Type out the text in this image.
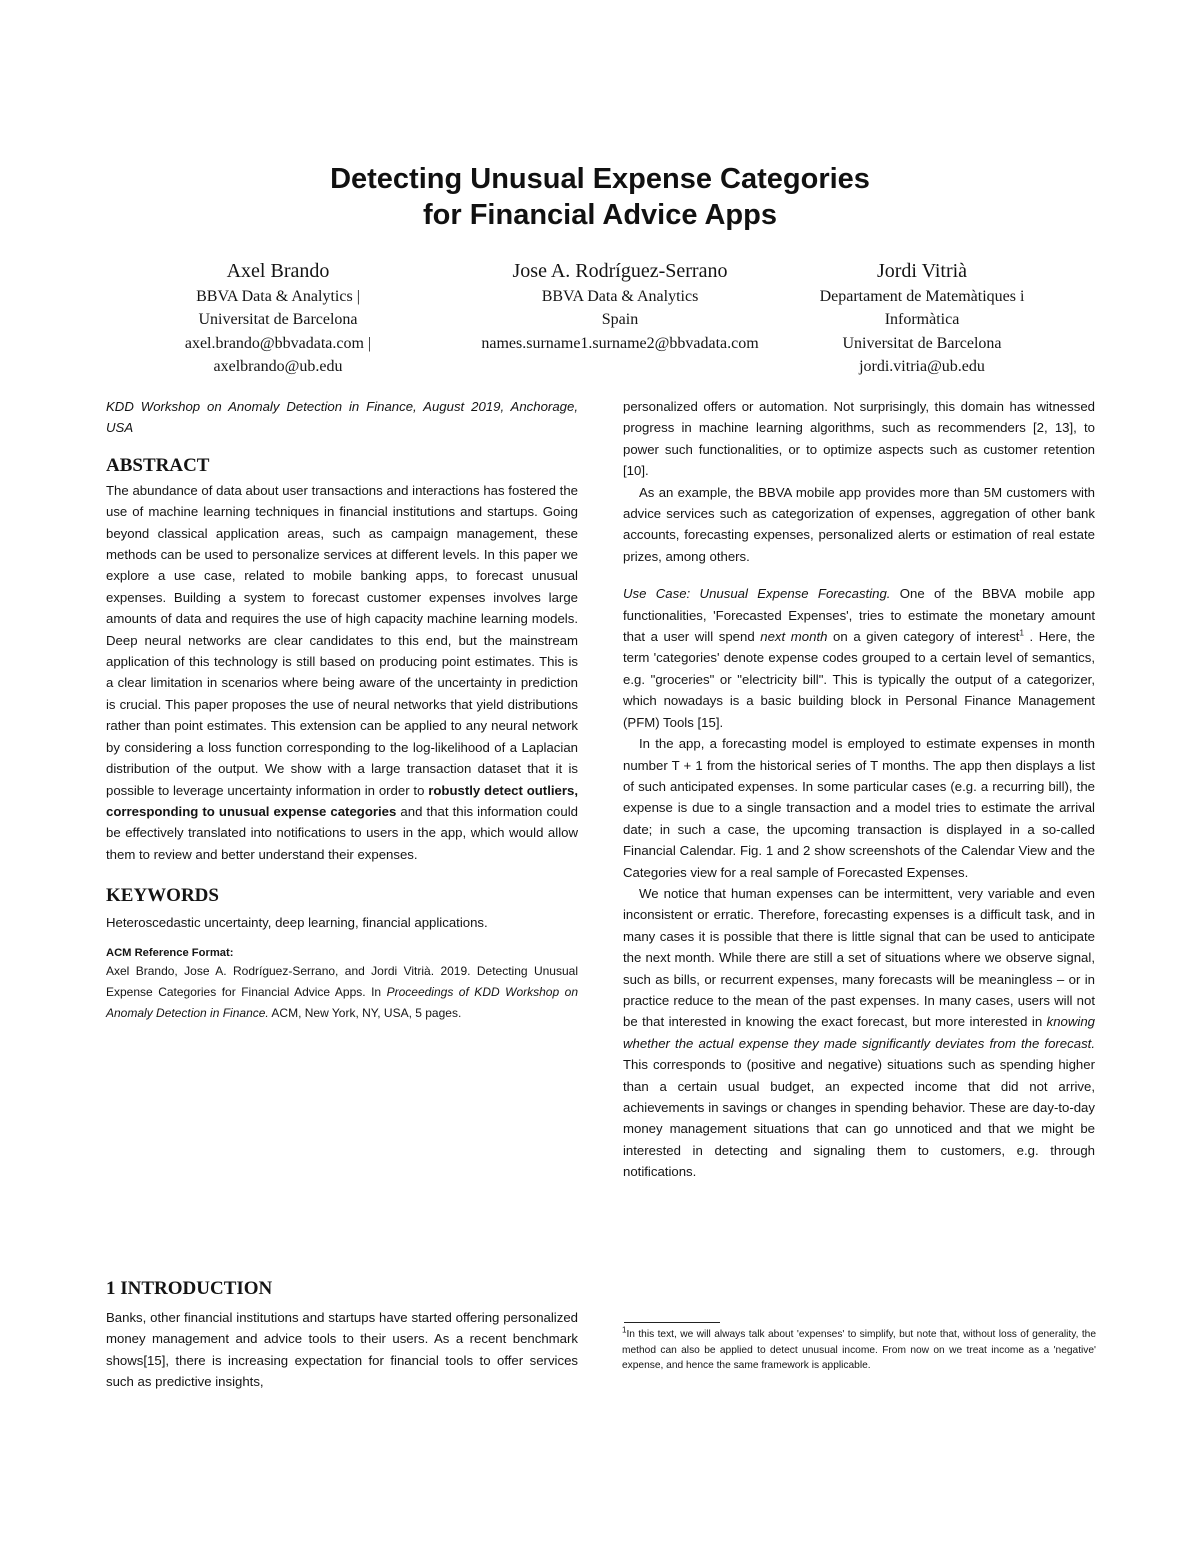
Detecting Unusual Expense Categories
for Financial Advice Apps
Axel Brando
BBVA Data & Analytics |
Universitat de Barcelona
axel.brando@bbvadata.com |
axelbrando@ub.edu
Jose A. Rodríguez-Serrano
BBVA Data & Analytics
Spain
names.surname1.surname2@bbvadata.com
Jordi Vitrià
Departament de Matemàtiques i
Informàtica
Universitat de Barcelona
jordi.vitria@ub.edu

KDD Workshop on Anomaly Detection in Finance, August 2019, Anchorage, USA

ABSTRACT

The abundance of data about user transactions and interactions has fostered the use of machine learning techniques in financial institutions and startups. Going beyond classical application areas, such as campaign management, these methods can be used to personalize services at different levels. In this paper we explore a use case, related to mobile banking apps, to forecast unusual expenses. Building a system to forecast customer expenses involves large amounts of data and requires the use of high capacity machine learning models. Deep neural networks are clear candidates to this end, but the mainstream application of this technology is still based on producing point estimates. This is a clear limitation in scenarios where being aware of the uncertainty in prediction is crucial. This paper proposes the use of neural networks that yield distributions rather than point estimates. This extension can be applied to any neural network by considering a loss function corresponding to the log-likelihood of a Laplacian distribution of the output. We show with a large transaction dataset that it is possible to leverage uncertainty information in order to robustly detect outliers, corresponding to unusual expense categories and that this information could be effectively translated into notifications to users in the app, which would allow them to review and better understand their expenses.

KEYWORDS

Heteroscedastic uncertainty, deep learning, financial applications.

ACM Reference Format:

Axel Brando, Jose A. Rodríguez-Serrano, and Jordi Vitrià. 2019. Detecting Unusual Expense Categories for Financial Advice Apps. In Proceedings of KDD Workshop on Anomaly Detection in Finance. ACM, New York, NY, USA, 5 pages.

1 INTRODUCTION

Banks, other financial institutions and startups have started offering personalized money management and advice tools to their users. As a recent benchmark shows[15], there is increasing expectation for financial tools to offer services such as predictive insights,

personalized offers or automation. Not surprisingly, this domain has witnessed progress in machine learning algorithms, such as recommenders [2, 13], to power such functionalities, or to optimize aspects such as customer retention [10].

As an example, the BBVA mobile app provides more than 5M customers with advice services such as categorization of expenses, aggregation of other bank accounts, forecasting expenses, personalized alerts or estimation of real estate prizes, among others.

Use Case: Unusual Expense Forecasting. One of the BBVA mobile app functionalities, 'Forecasted Expenses', tries to estimate the monetary amount that a user will spend next month on a given category of interest$^1$ . Here, the term 'categories' denote expense codes grouped to a certain level of semantics, e.g. "groceries" or "electricity bill". This is typically the output of a categorizer, which nowadays is a basic building block in Personal Finance Management (PFM) Tools [15].

In the app, a forecasting model is employed to estimate expenses in month number T + 1 from the historical series of T months. The app then displays a list of such anticipated expenses. In some particular cases (e.g. a recurring bill), the expense is due to a single transaction and a model tries to estimate the arrival date; in such a case, the upcoming transaction is displayed in a so-called Financial Calendar. Fig. 1 and 2 show screenshots of the Calendar View and the Categories view for a real sample of Forecasted Expenses.

We notice that human expenses can be intermittent, very variable and even inconsistent or erratic. Therefore, forecasting expenses is a difficult task, and in many cases it is possible that there is little signal that can be used to anticipate the next month. While there are still a set of situations where we observe signal, such as bills, or recurrent expenses, many forecasts will be meaningless – or in practice reduce to the mean of the past expenses. In many cases, users will not be that interested in knowing the exact forecast, but more interested in knowing whether the actual expense they made significantly deviates from the forecast. This corresponds to (positive and negative) situations such as spending higher than a certain usual budget, an expected income that did not arrive, achievements in savings or changes in spending behavior. These are day-to-day money management situations that can go unnoticed and that we might be interested in detecting and signaling them to customers, e.g. through notifications.

$^1$In this text, we will always talk about 'expenses' to simplify, but note that, without loss of generality, the method can also be applied to detect unusual income. From now on we treat income as a 'negative' expense, and hence the same framework is applicable.
